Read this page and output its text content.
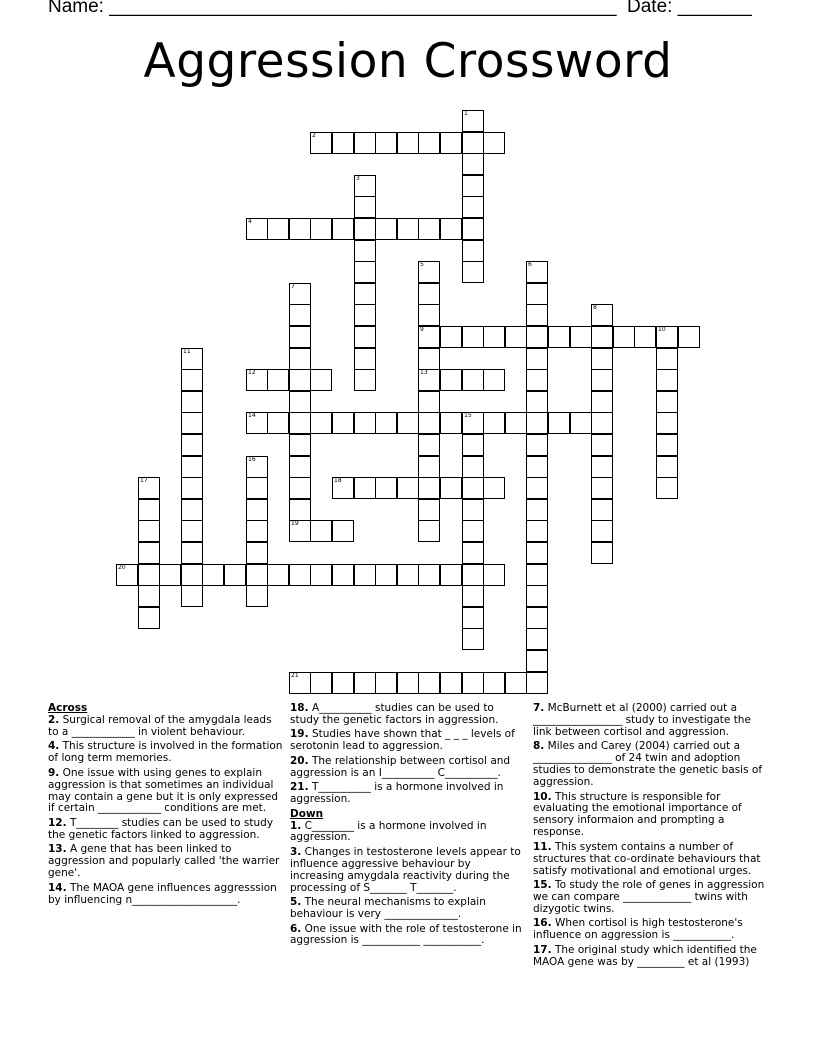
Name: ________________________________________________ Date: _______
Aggression Crossword
1
2
3
4
5
9
13
6
7
19
8
10
11
12
14	15
16
17	18
20
21
Across
2. Surgical removal of the amygdala leads to a ____________ in violent behaviour.
4. This structure is involved in the formation of long term memories.
9. One issue with using genes to explain aggression is that sometimes an individual may contain a gene but it is only expressed if certain ____________ conditions are met.
12. T________ studies can be used to study the genetic factors linked to aggression.
13. A gene that has been linked to aggression and popularly called 'the warrier gene'.
14. The MAOA gene influences aggresssion by influencing n____________________.
18. A__________ studies can be used to study the genetic factors in aggression.
19. Studies have shown that _ _ _ levels of serotonin lead to aggression.
20. The relationship between cortisol and aggression is an I__________ C__________.
21. T__________ is a hormone involved in aggression.
Down
1. C________ is a hormone involved in aggression.
3. Changes in testosterone levels appear to influence aggressive behaviour by increasing amygdala reactivity during the processing of S_______ T_______.
5. The neural mechanisms to explain behaviour is very ______________.
6. One issue with the role of testosterone in aggression is ___________ ___________.
7. McBurnett et al (2000) carried out a _________________ study to investigate the link between cortisol and aggression.
8. Miles and Carey (2004) carried out a _______________ of 24 twin and adoption studies to demonstrate the genetic basis of aggression.
10. This structure is responsible for evaluating the emotional importance of sensory informaion and prompting a response.
11. This system contains a number of structures that co-ordinate behaviours that satisfy motivational and emotional urges.
15. To study the role of genes in aggression we can compare _____________ twins with dizygotic twins.
16. When cortisol is high testosterone's influence on aggression is ___________.
17. The original study which identified the MAOA gene was by _________ et al (1993)
